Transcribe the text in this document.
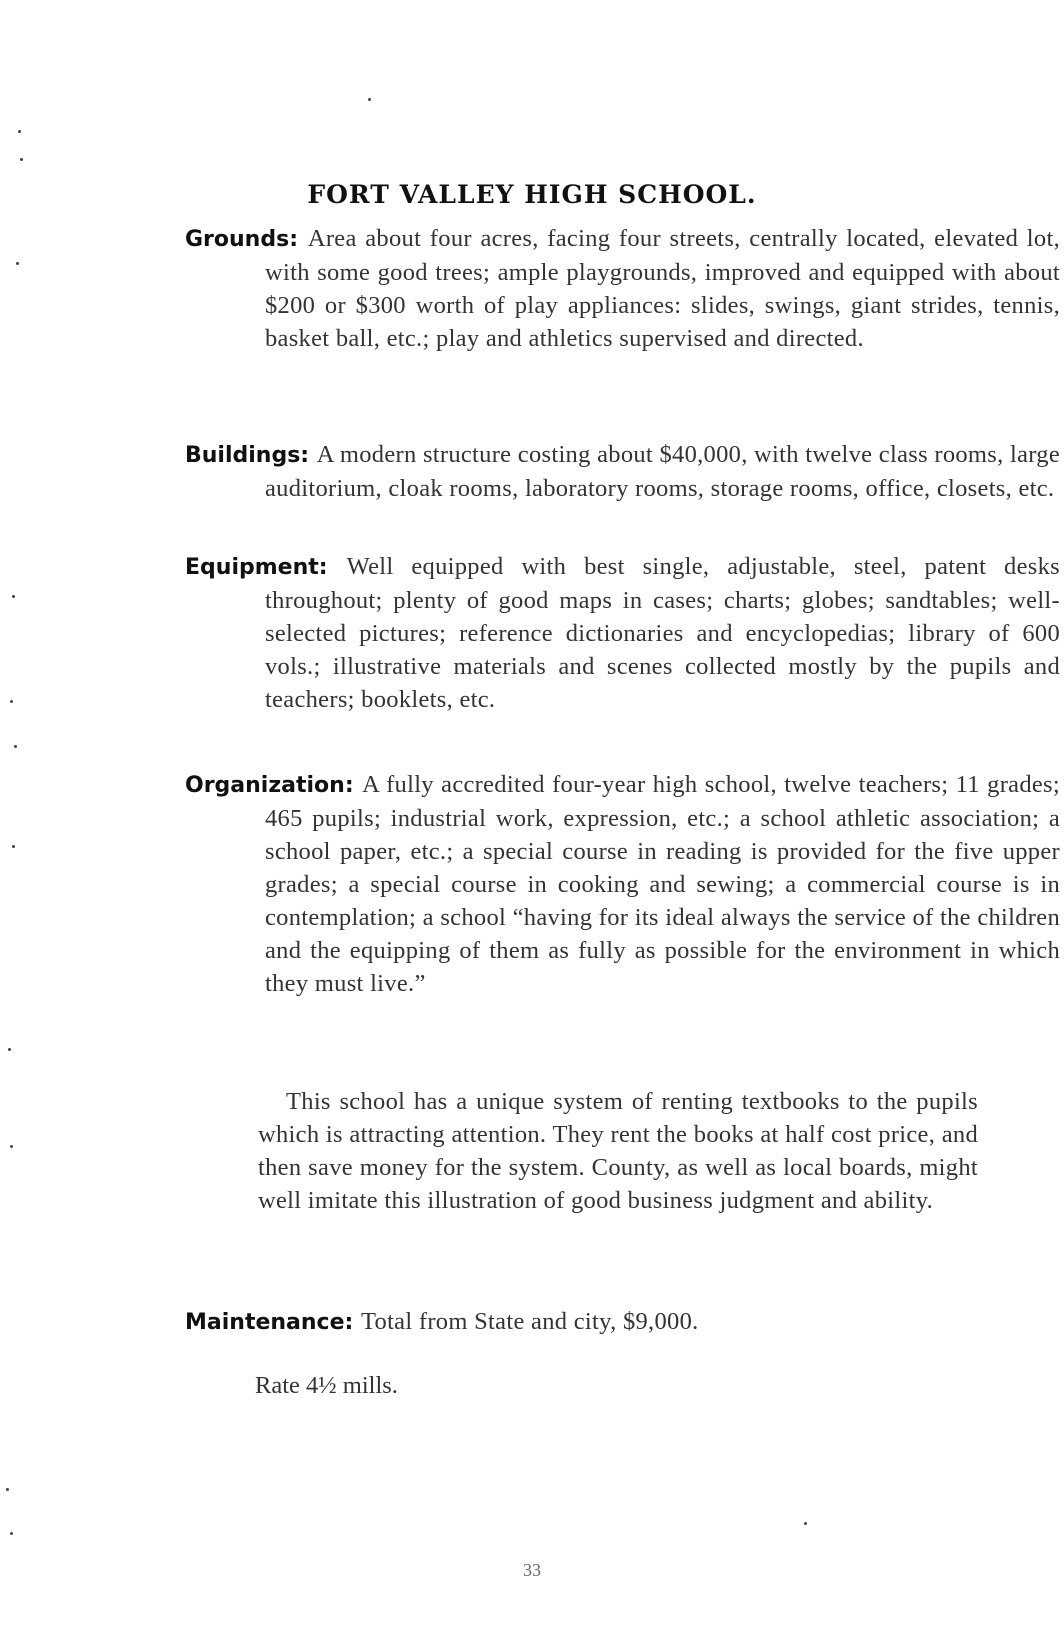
FORT VALLEY HIGH SCHOOL.
Grounds: Area about four acres, facing four streets, centrally located, elevated lot, with some good trees; ample playgrounds, improved and equipped with about $200 or $300 worth of play appliances: slides, swings, giant strides, tennis, basket ball, etc.; play and athletics supervised and directed.
Buildings: A modern structure costing about $40,000, with twelve class rooms, large auditorium, cloak rooms, laboratory rooms, storage rooms, office, closets, etc.
Equipment: Well equipped with best single, adjustable, steel, patent desks throughout; plenty of good maps in cases; charts; globes; sandtables; well-selected pictures; reference dictionaries and encyclopedias; library of 600 vols.; illustrative materials and scenes collected mostly by the pupils and teachers; booklets, etc.
Organization: A fully accredited four-year high school, twelve teachers; 11 grades; 465 pupils; industrial work, expression, etc.; a school athletic association; a school paper, etc.; a special course in reading is provided for the five upper grades; a special course in cooking and sewing; a commercial course is in contemplation; a school “having for its ideal always the service of the children and the equipping of them as fully as possible for the environment in which they must live.”
This school has a unique system of renting textbooks to the pupils which is attracting attention. They rent the books at half cost price, and then save money for the system. County, as well as local boards, might well imitate this illustration of good business judgment and ability.
Maintenance: Total from State and city, $9,000.
Rate 4½ mills.
33
